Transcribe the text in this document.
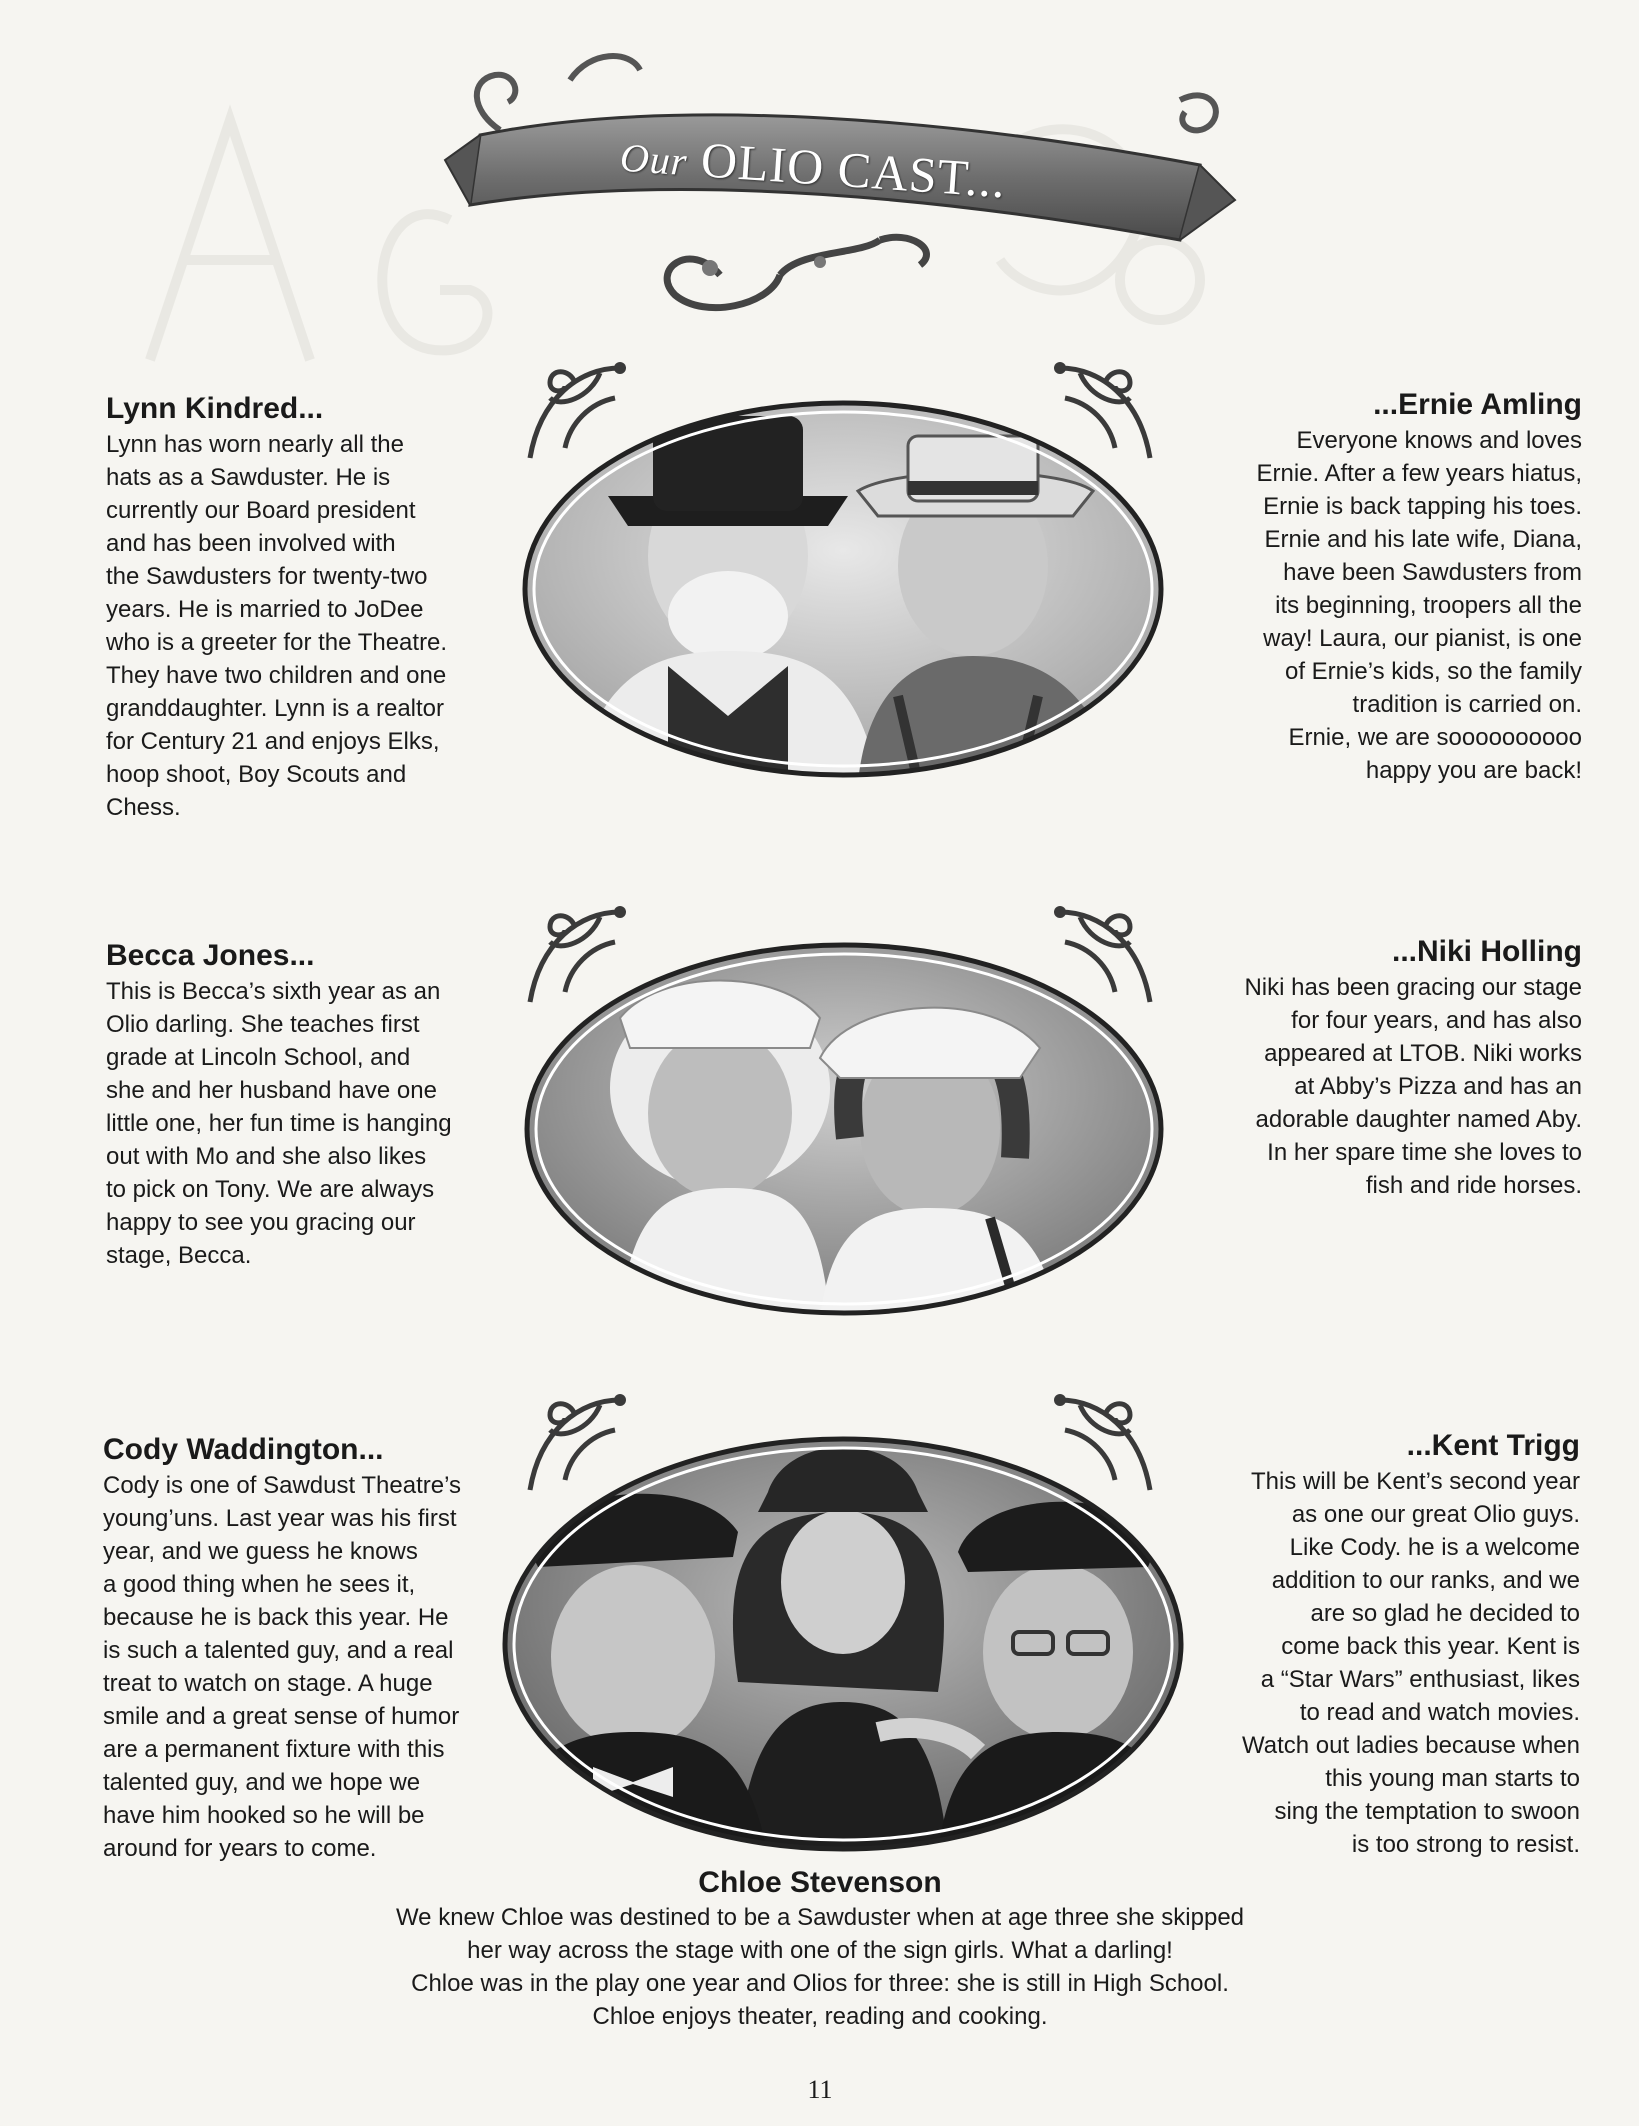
Our OLIO CAST...
Lynn Kindred...

Lynn has worn nearly all the

hats as a Sawduster. He is

currently our Board president

and has been involved with

the Sawdusters for twenty-two

years. He is married to JoDee

who is a greeter for the Theatre.

They have two children and one

granddaughter. Lynn is a realtor

for Century 21 and enjoys Elks,

hoop shoot, Boy Scouts and

Chess.

...Ernie Amling

Everyone knows and loves

Ernie. After a few years hiatus,

Ernie is back tapping his toes.

Ernie and his late wife, Diana,

have been Sawdusters from

its beginning, troopers all the

way! Laura, our pianist, is one

of Ernie’s kids, so the family

tradition is carried on.

Ernie, we are soooooooooo

happy you are back!

Becca Jones...

This is Becca’s sixth year as an

Olio darling. She teaches first

grade at Lincoln School, and

she and her husband have one

little one, her fun time is hanging

out with Mo and she also likes

to pick on Tony. We are always

happy to see you gracing our

stage, Becca.

...Niki Holling

Niki has been gracing our stage

for four years, and has also

appeared at LTOB. Niki works

at Abby’s Pizza and has an

adorable daughter named Aby.

In her spare time she loves to

fish and ride horses.

Cody Waddington...

Cody is one of Sawdust Theatre’s

young’uns. Last year was his first

year, and we guess he knows

a good thing when he sees it,

because he is back this year. He

is such a talented guy, and a real

treat to watch on stage. A huge

smile and a great sense of humor

are a permanent fixture with this

talented guy, and we hope we

have him hooked so he will be

around for years to come.

...Kent Trigg

This will be Kent’s second year

as one our great Olio guys.

Like Cody. he is a welcome

addition to our ranks, and we

are so glad he decided to

come back this year. Kent is

a “Star Wars” enthusiast, likes

to read and watch movies.

Watch out ladies because when

this young man starts to

sing the temptation to swoon

is too strong to resist.

Chloe Stevenson

We knew Chloe was destined to be a Sawduster when at age three she skipped

her way across the stage with one of the sign girls. What a darling!

Chloe was in the play one year and Olios for three: she is still in High School.

Chloe enjoys theater, reading and cooking.

11
